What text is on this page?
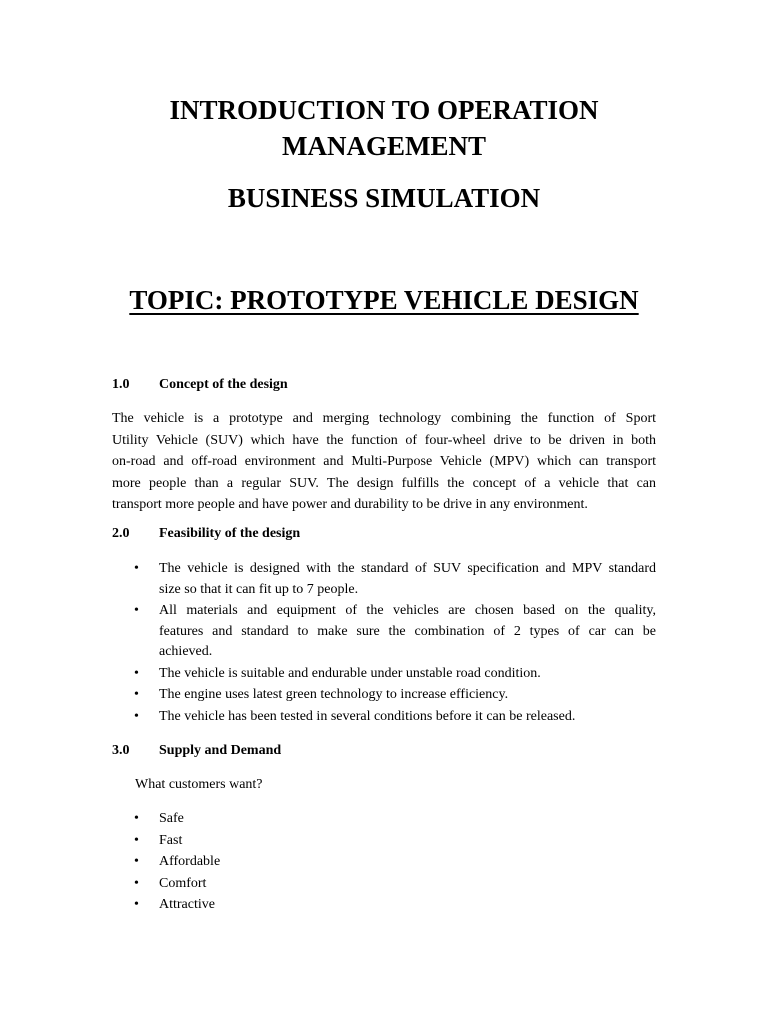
INTRODUCTION TO OPERATION
MANAGEMENT
BUSINESS SIMULATION
TOPIC: PROTOTYPE VEHICLE DESIGN
1.0 Concept of the design
The vehicle is a prototype and merging technology combining the function of Sport
Utility Vehicle (SUV) which have the function of four-wheel drive to be driven in both
on-road and off-road environment and Multi-Purpose Vehicle (MPV) which can transport
more people than a regular SUV. The design fulfills the concept of a vehicle that can
transport more people and have power and durability to be drive in any environment.
2.0 Feasibility of the design
• The vehicle is designed with the standard of SUV specification and MPV standard
size so that it can fit up to 7 people.
• All materials and equipment of the vehicles are chosen based on the quality,
features and standard to make sure the combination of 2 types of car can be
achieved.
• The vehicle is suitable and endurable under unstable road condition.
• The engine uses latest green technology to increase efficiency.
• The vehicle has been tested in several conditions before it can be released.
3.0 Supply and Demand
What customers want?
• Safe
• Fast
• Affordable
• Comfort
• Attractive
